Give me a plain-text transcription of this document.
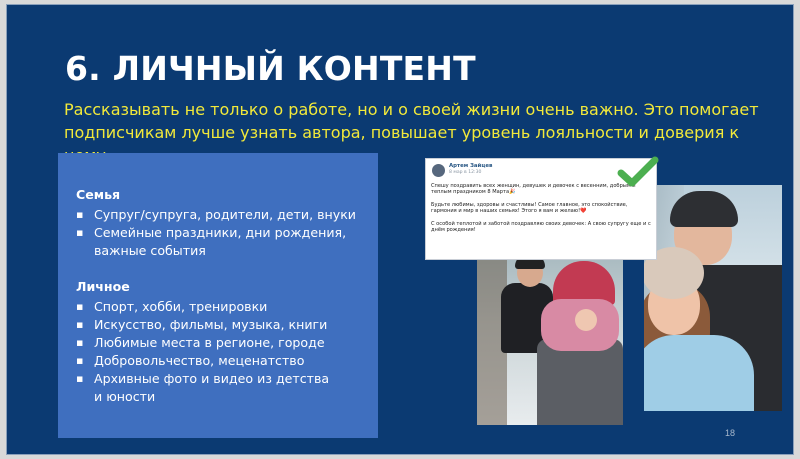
6. ЛИЧНЫЙ КОНТЕНТ
Рассказывать не только о работе, но и о своей жизни очень важно. Это помогает подписчикам лучше узнать автора, повышает уровень лояльности и доверия к
Семья
▪ Супруг/супруга, родители, дети, внуки
▪ Семейные праздники, дни рождения, важные события
Личное
▪ Спорт, хобби, тренировки
▪ Искусство, фильмы, музыка, книги
▪ Любимые места в регионе, городе
▪ Добровольчество, меценатство
▪ Архивные фото и видео из детства и юности
Артем Зайцев
8 мар в 12:30

Спешу поздравить всех женщин, девушек и девочек с весенним, добрым и теплым праздником 8 Марта🎉

Будьте любимы, здоровы и счастливы! Самое главное, это спокойствие, гармония и мир в наших семьях! Этого я вам и желаю!❤️

С особой теплотой и заботой поздравляю своих девочек: А свою супругу еще и с днём рождения!

18
